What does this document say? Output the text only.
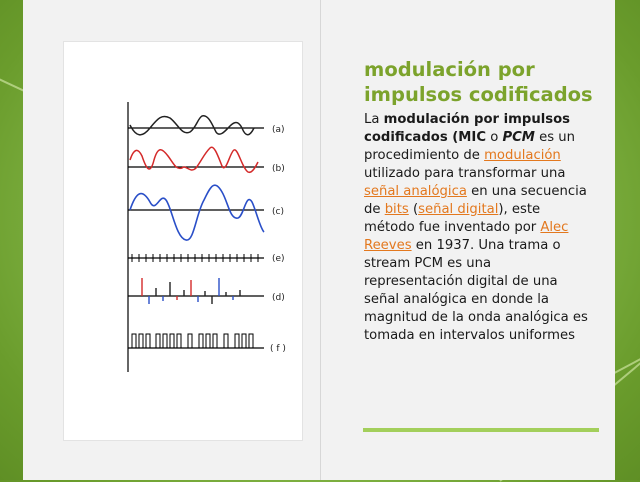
(a)
(b)
(c)
(e)
(d)
( f )
modulación por impulsos codificados
La modulación por impulsos codificados (MIC o PCM es un procedimiento de modulación utilizado para transformar una señal analógica en una secuencia de bits (señal digital), este método fue inventado por Alec Reeves en 1937. Una trama o stream PCM es una representación digital de una señal analógica en donde la magnitud de la onda analógica es tomada en intervalos uniformes
